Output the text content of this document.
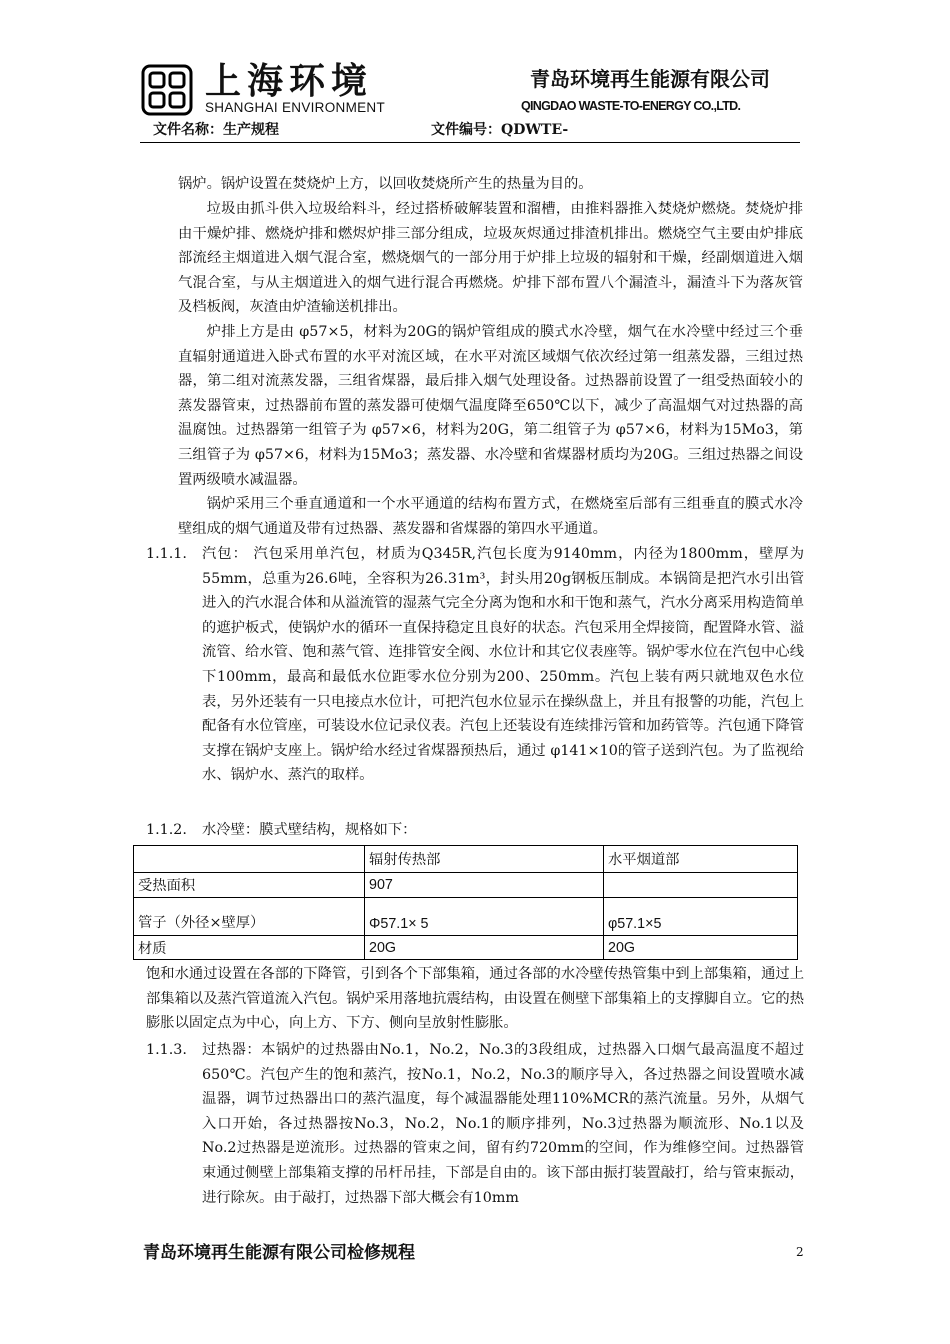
上海环境
SHANGHAI ENVIRONMENT
青岛环境再生能源有限公司
QINGDAO WASTE-TO-ENERGY CO.,LTD.
文件名称：生产规程	文件编号：QDWTE-
锅炉。锅炉设置在焚烧炉上方，以回收焚烧所产生的热量为目的。
垃圾由抓斗供入垃圾给料斗，经过搭桥破解装置和溜槽，由推料器推入焚烧炉燃烧。焚烧炉排由干燥炉排、燃烧炉排和燃烬炉排三部分组成，垃圾灰烬通过排渣机排出。燃烧空气主要由炉排底部流经主烟道进入烟气混合室，燃烧烟气的一部分用于炉排上垃圾的辐射和干燥，经副烟道进入烟气混合室，与从主烟道进入的烟气进行混合再燃烧。炉排下部布置八个漏渣斗，漏渣斗下为落灰管及档板阀，灰渣由炉渣输送机排出。
炉排上方是由 φ57×5，材料为20G的锅炉管组成的膜式水冷壁，烟气在水冷壁中经过三个垂直辐射通道进入卧式布置的水平对流区域，在水平对流区域烟气依次经过第一组蒸发器，三组过热器，第二组对流蒸发器，三组省煤器，最后排入烟气处理设备。过热器前设置了一组受热面较小的蒸发器管束，过热器前布置的蒸发器可使烟气温度降至650℃以下，减少了高温烟气对过热器的高温腐蚀。过热器第一组管子为 φ57×6，材料为20G，第二组管子为 φ57×6，材料为15Mo3，第三组管子为 φ57×6，材料为15Mo3；蒸发器、水冷壁和省煤器材质均为20G。三组过热器之间设置两级喷水减温器。
锅炉采用三个垂直通道和一个水平通道的结构布置方式，在燃烧室后部有三组垂直的膜式水冷壁组成的烟气通道及带有过热器、蒸发器和省煤器的第四水平通道。
1.1.1. 汽包： 汽包采用单汽包，材质为Q345R,汽包长度为9140mm，内径为1800mm，壁厚为55mm，总重为26.6吨，全容积为26.31m³，封头用20g钢板压制成。本锅筒是把汽水引出管进入的汽水混合体和从溢流管的湿蒸气完全分离为饱和水和干饱和蒸气，汽水分离采用构造简单的遮护板式，使锅炉水的循环一直保持稳定且良好的状态。汽包采用全焊接筒，配置降水管、溢流管、给水管、饱和蒸气管、连排管安全阀、水位计和其它仪表座等。锅炉零水位在汽包中心线下100mm，最高和最低水位距零水位分别为200、250mm。汽包上装有两只就地双色水位表，另外还装有一只电接点水位计，可把汽包水位显示在操纵盘上，并且有报警的功能，汽包上配备有水位管座，可装设水位记录仪表。汽包上还装设有连续排污管和加药管等。汽包通下降管支撑在锅炉支座上。锅炉给水经过省煤器预热后，通过 φ141×10的管子送到汽包。为了监视给水、锅炉水、蒸汽的取样。
1.1.2. 水冷壁：膜式壁结构，规格如下：
	辐射传热部	水平烟道部
受热面积	907	
管子（外径×壁厚）	Φ57.1× 5	φ57.1×5
材质	20G	20G
饱和水通过设置在各部的下降管，引到各个下部集箱，通过各部的水冷壁传热管集中到上部集箱，通过上部集箱以及蒸汽管道流入汽包。锅炉采用落地抗震结构，由设置在侧壁下部集箱上的支撑脚自立。它的热膨胀以固定点为中心，向上方、下方、侧向呈放射性膨胀。
1.1.3. 过热器：本锅炉的过热器由No.1，No.2，No.3的3段组成，过热器入口烟气最高温度不超过650℃。汽包产生的饱和蒸汽，按No.1，No.2，No.3的顺序导入，各过热器之间设置喷水减温器，调节过热器出口的蒸汽温度，每个减温器能处理110%MCR的蒸汽流量。另外，从烟气入口开始，各过热器按No.3，No.2，No.1的顺序排列，No.3过热器为顺流形、No.1以及No.2过热器是逆流形。过热器的管束之间，留有约720mm的空间，作为维修空间。过热器管束通过侧壁上部集箱支撑的吊杆吊挂，下部是自由的。该下部由振打装置敲打，给与管束振动，进行除灰。由于敲打，过热器下部大概会有10mm
青岛环境再生能源有限公司检修规程	2
